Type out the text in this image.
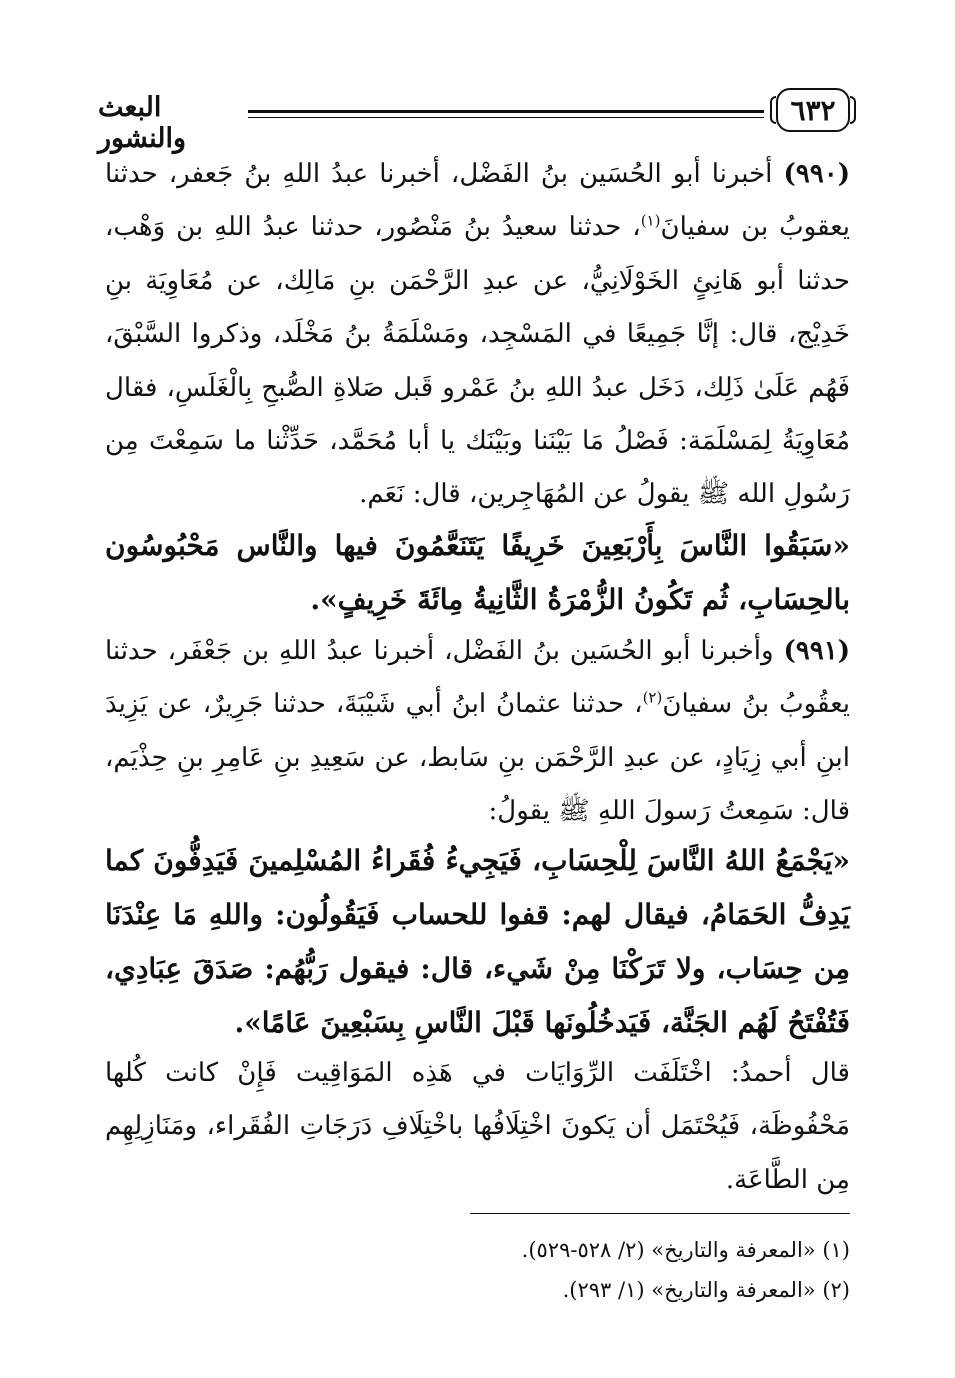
البعث والنشور
٦٣٢

(٩٩٠) أخبرنا أبو الحُسَين بنُ الفَضْل، أخبرنا عبدُ اللهِ بنُ جَعفر، حدثنا يعقوبُ بن سفيانَ$^{(١)}$، حدثنا سعيدُ بنُ مَنْصُور، حدثنا عبدُ اللهِ بن وَهْب، حدثنا أبو هَانِئٍ الخَوْلَانِيُّ، عن عبدِ الرَّحْمَن بنِ مَالِك، عن مُعَاوِيَة بنِ خَدِيْج، قال: إنَّا جَمِيعًا في المَسْجِد، ومَسْلَمَةُ بنُ مَخْلَد، وذكروا السَّبْقَ، فَهُم عَلَىٰ ذَلِك، دَخَل عبدُ اللهِ بنُ عَمْرو قَبل صَلاةِ الصُّبحِ بِالْغَلَسِ، فقال مُعَاوِيَةُ لِمَسْلَمَة: فَصْلُ مَا بَيْنَنا وبَيْنَك يا أبا مُحَمَّد، حَدِّثْنا ما سَمِعْتَ مِن رَسُولِ الله ﷺ يقولُ عن المُهَاجِرين، قال: نَعَم.

«سَبَقُوا النَّاسَ بِأَرْبَعِينَ خَرِيفًا يَتَنَعَّمُونَ فيها والنَّاس مَحْبُوسُون بالحِسَابِ، ثُم تَكُونُ الزُّمْرَةُ الثَّانِيةُ مِائَةَ خَرِيفٍ».

(٩٩١) وأخبرنا أبو الحُسَين بنُ الفَضْل، أخبرنا عبدُ اللهِ بن جَعْفَر، حدثنا يعقُوبُ بنُ سفيانَ$^{(٢)}$، حدثنا عثمانُ ابنُ أبي شَيْبَةَ، حدثنا جَرِيرٌ، عن يَزِيدَ ابنِ أبي زِيَادٍ، عن عبدِ الرَّحْمَن بنِ سَابط، عن سَعِيدِ بنِ عَامِرِ بنِ حِذْيَم، قال: سَمِعتُ رَسولَ اللهِ ﷺ يقولُ:

«يَجْمَعُ اللهُ النَّاسَ لِلْحِسَابِ، فَيَجِيءُ فُقَراءُ المُسْلِمينَ فَيَدِفُّونَ كما يَدِفُّ الحَمَامُ، فيقال لهم: قفوا للحساب فَيَقُولُون: واللهِ مَا عِنْدَنَا مِن حِسَاب، ولا تَرَكْنَا مِنْ شَيء، قال: فيقول رَبُّهُم: صَدَقَ عِبَادِي، فَتُفْتَحُ لَهُم الجَنَّة، فَيَدخُلُونَها قَبْلَ النَّاسِ بِسَبْعِينَ عَامًا».

قال أحمدُ: اخْتَلَفَت الرِّوَايَات في هَذِه المَوَاقِيت فَإِنْ كانت كُلها مَحْفُوظَة، فَيُحْتَمَل أن يَكونَ اخْتِلَافُها باخْتِلَافِ دَرَجَاتِ الفُقَراء، ومَنَازِلِهِم مِن الطَّاعَة.

(١) «المعرفة والتاريخ» (٢/ ٥٢٨-٥٢٩).

(٢) «المعرفة والتاريخ» (١/ ٢٩٣).
